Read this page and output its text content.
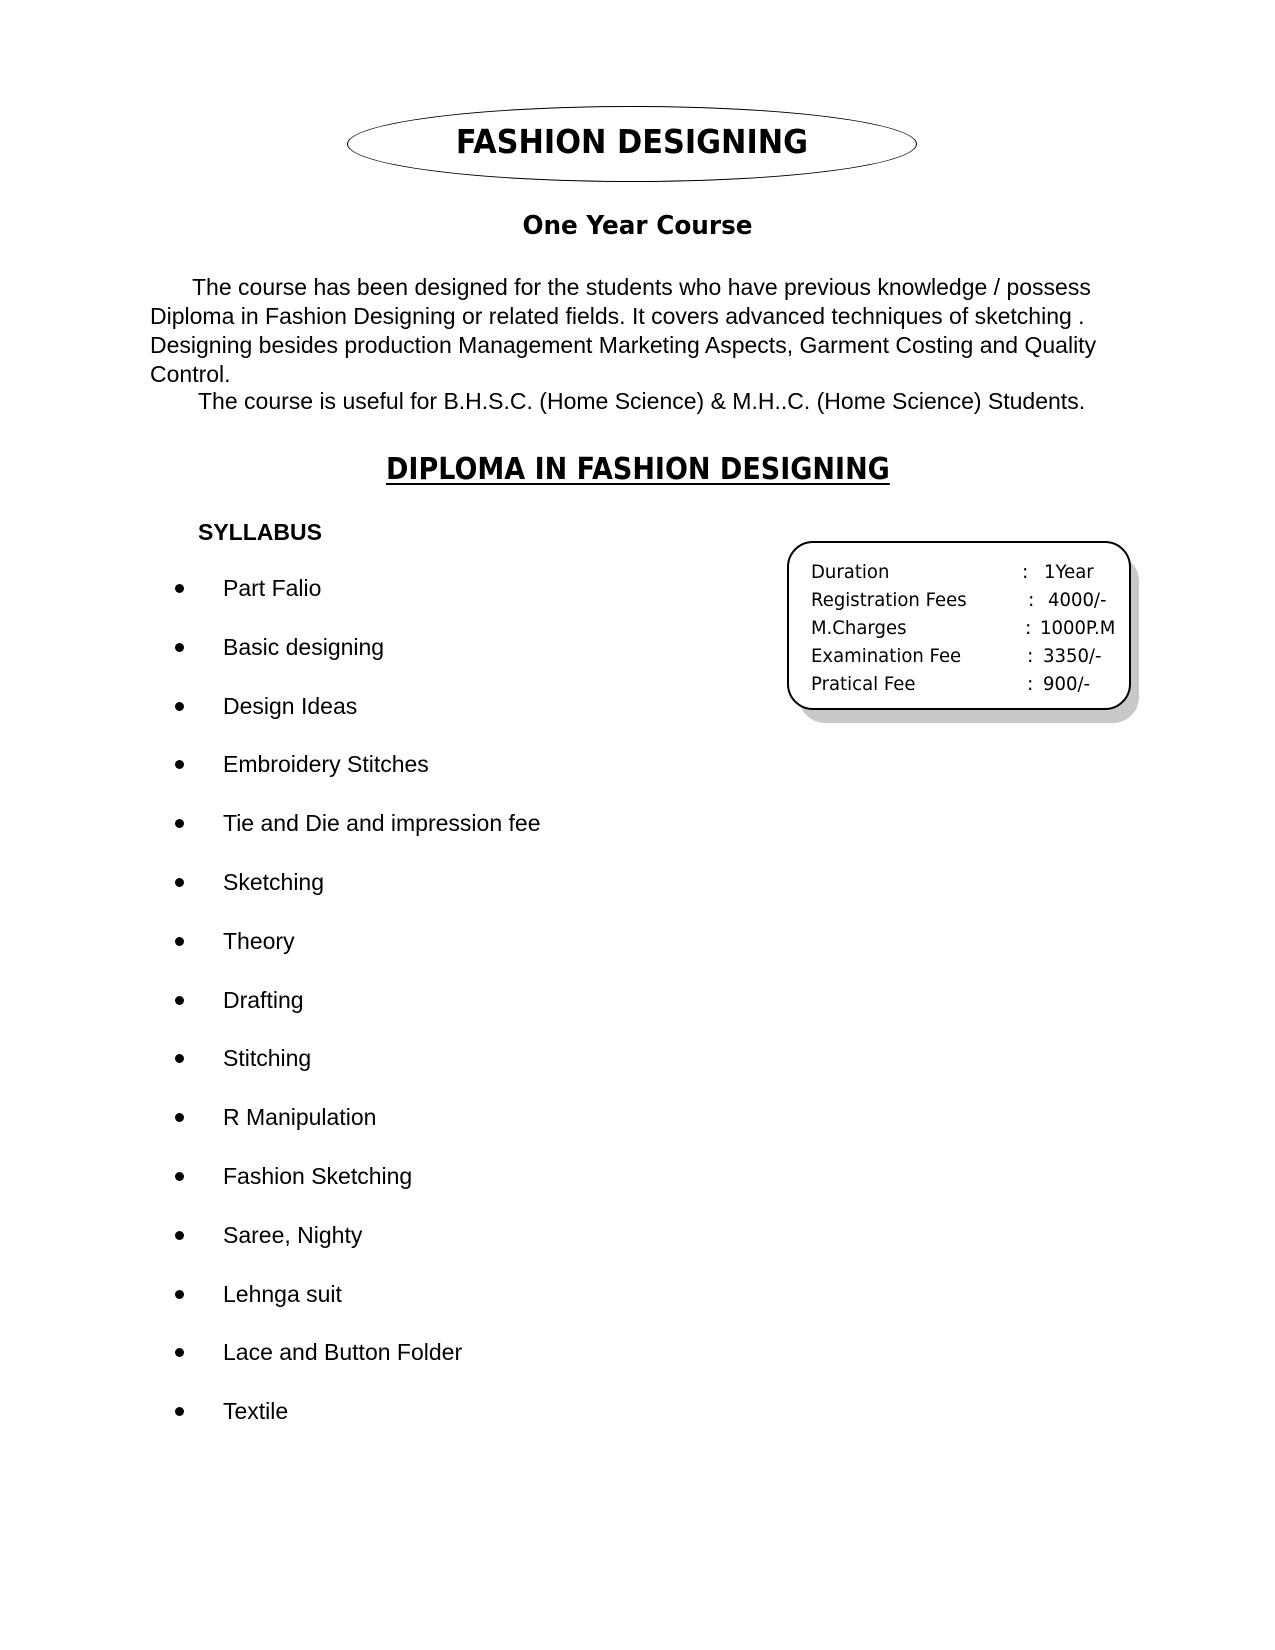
FASHION DESIGNING
One Year Course
The course has been designed for the students who have previous knowledge / possess Diploma in Fashion Designing or related fields. It covers advanced techniques of sketching . Designing besides production Management Marketing Aspects, Garment Costing and Quality Control.
The course is useful for B.H.S.C. (Home Science) & M.H..C. (Home Science) Students.
DIPLOMA IN FASHION DESIGNING
SYLLABUS
Part Falio
Basic designing
Design Ideas
Embroidery Stitches
Tie and Die and impression fee
Sketching
Theory
Drafting
Stitching
R Manipulation
Fashion Sketching
Saree, Nighty
Lehnga suit
Lace and Button Folder
Textile
Duration	: 1Year
Registration Fees	: 4000/-
M.Charges	: 1000P.M
Examination Fee	: 3350/-
Pratical Fee	: 900/-
